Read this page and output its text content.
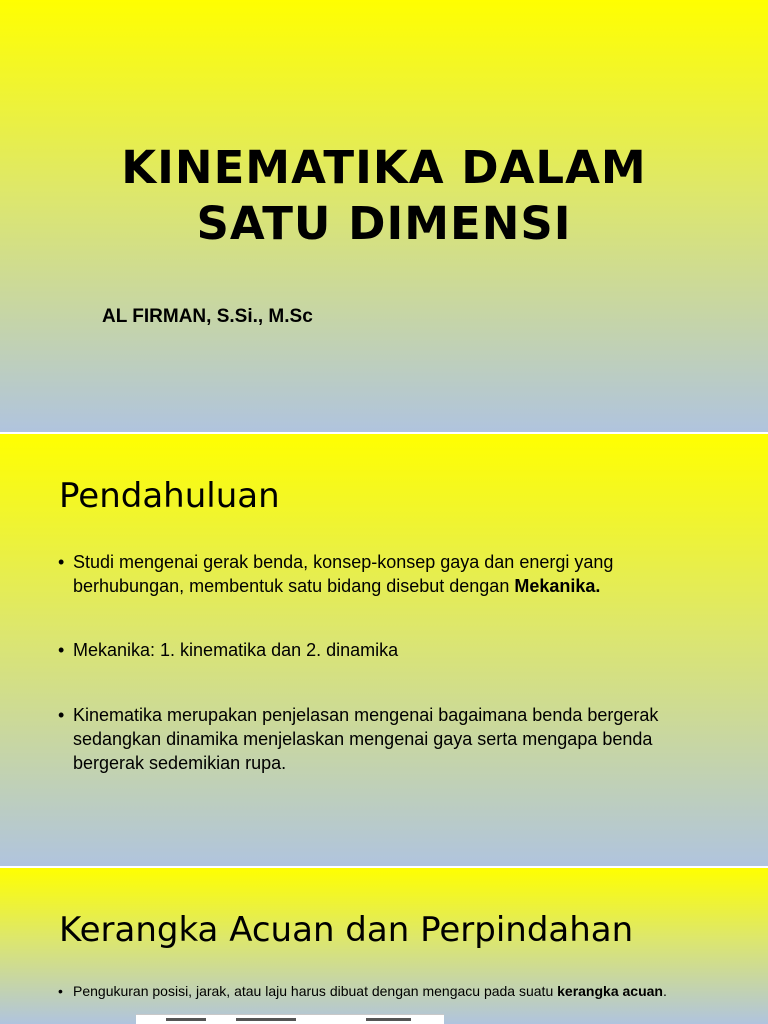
KINEMATIKA DALAM
SATU DIMENSI
AL FIRMAN, S.Si., M.Sc
Pendahuluan
• Studi mengenai gerak benda, konsep-konsep gaya dan energi yang berhubungan, membentuk satu bidang disebut dengan Mekanika.
• Mekanika: 1. kinematika dan 2. dinamika
• Kinematika merupakan penjelasan mengenai bagaimana benda bergerak sedangkan dinamika menjelaskan mengenai gaya serta mengapa benda bergerak sedemikian rupa.
Kerangka Acuan dan Perpindahan
• Pengukuran posisi, jarak, atau laju harus dibuat dengan mengacu pada suatu kerangka acuan.
